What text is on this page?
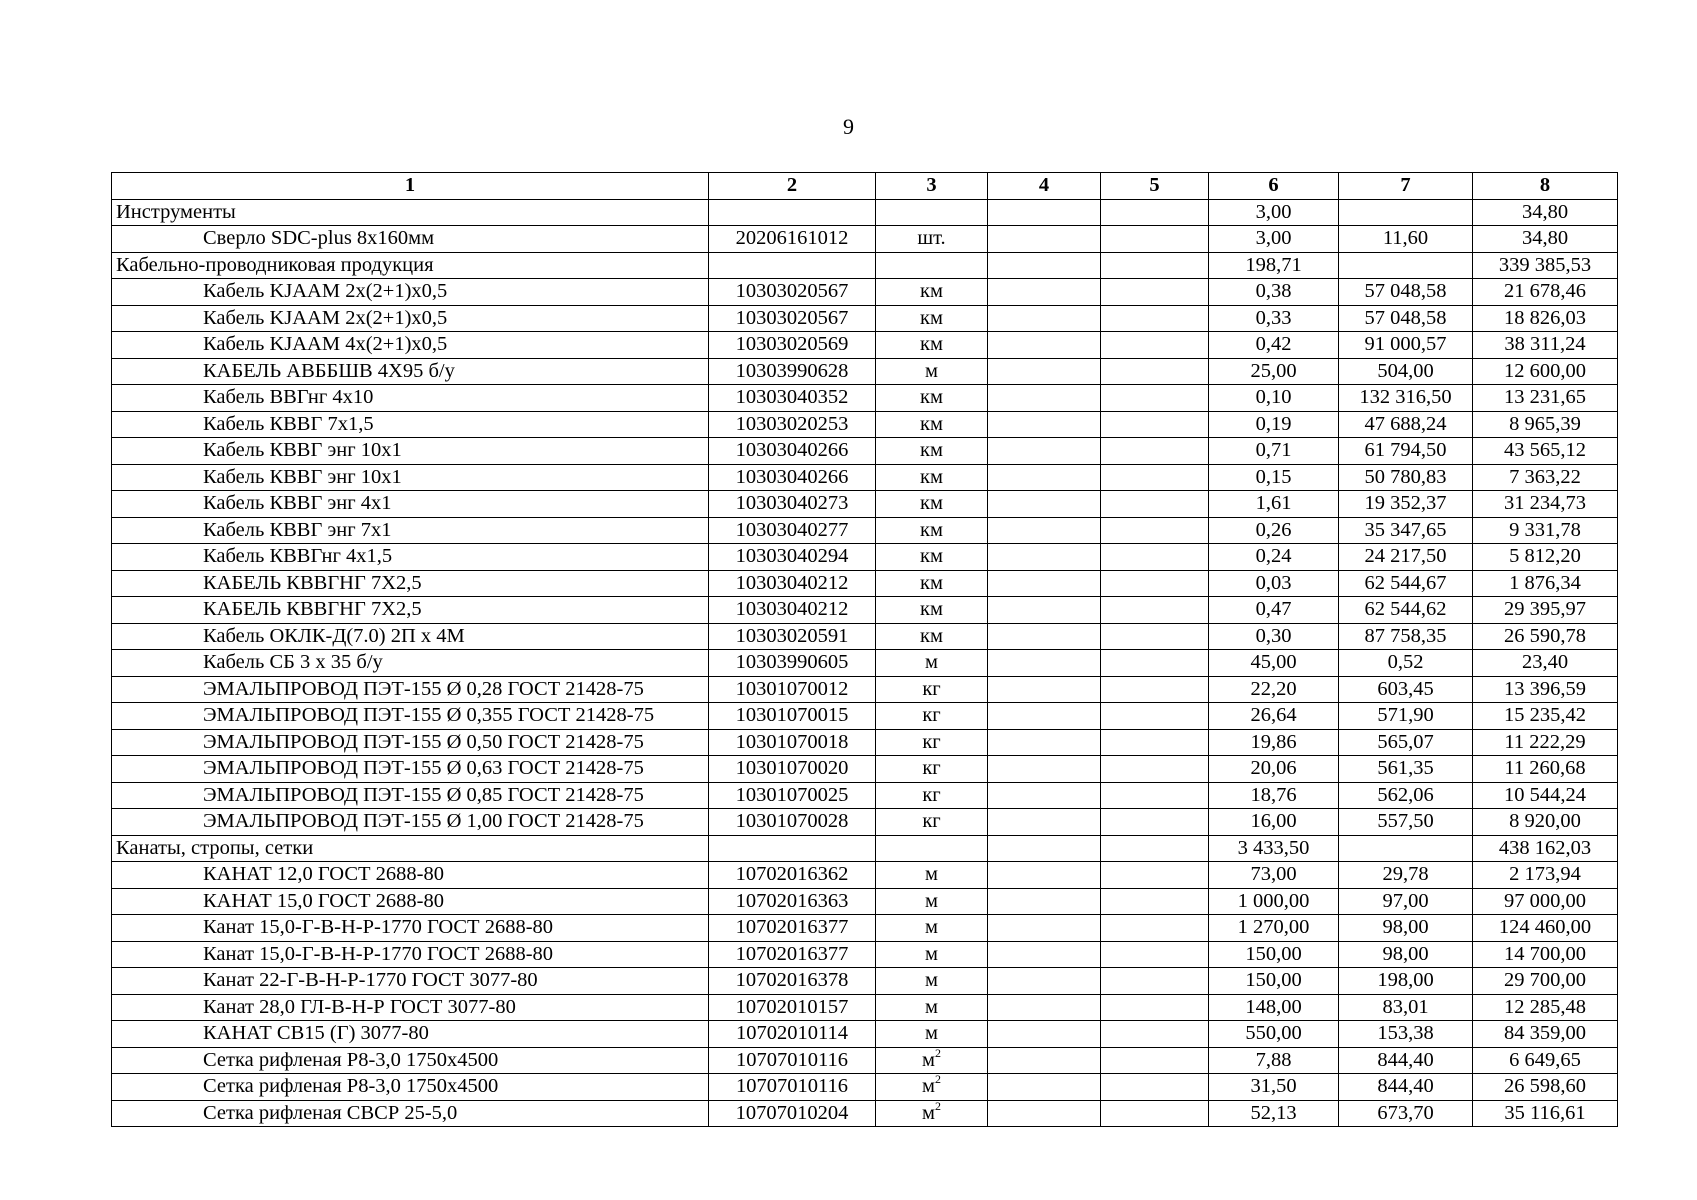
9
1	2	3	4	5	6	7	8
Инструменты					3,00		34,80
Сверло SDC-plus 8x160мм	20206161012	шт.			3,00	11,60	34,80
Кабельно-проводниковая продукция					198,71		339 385,53
Кабель KJAAM 2x(2+1)x0,5	10303020567	км			0,38	57 048,58	21 678,46
Кабель KJAAM 2x(2+1)x0,5	10303020567	км			0,33	57 048,58	18 826,03
Кабель KJAAM 4x(2+1)x0,5	10303020569	км			0,42	91 000,57	38 311,24
КАБЕЛЬ АВББШВ 4Х95 б/у	10303990628	м			25,00	504,00	12 600,00
Кабель ВВГнг 4x10	10303040352	км			0,10	132 316,50	13 231,65
Кабель КВВГ 7x1,5	10303020253	км			0,19	47 688,24	8 965,39
Кабель КВВГ энг 10x1	10303040266	км			0,71	61 794,50	43 565,12
Кабель КВВГ энг 10x1	10303040266	км			0,15	50 780,83	7 363,22
Кабель КВВГ энг 4x1	10303040273	км			1,61	19 352,37	31 234,73
Кабель КВВГ энг 7x1	10303040277	км			0,26	35 347,65	9 331,78
Кабель КВВГнг 4x1,5	10303040294	км			0,24	24 217,50	5 812,20
КАБЕЛЬ КВВГНГ 7Х2,5	10303040212	км			0,03	62 544,67	1 876,34
КАБЕЛЬ КВВГНГ 7Х2,5	10303040212	км			0,47	62 544,62	29 395,97
Кабель ОКЛК-Д(7.0) 2П х 4М	10303020591	км			0,30	87 758,35	26 590,78
Кабель СБ 3 х 35 б/у	10303990605	м			45,00	0,52	23,40
ЭМАЛЬПРОВОД ПЭТ-155 Ø 0,28 ГОСТ 21428-75	10301070012	кг			22,20	603,45	13 396,59
ЭМАЛЬПРОВОД ПЭТ-155 Ø 0,355 ГОСТ 21428-75	10301070015	кг			26,64	571,90	15 235,42
ЭМАЛЬПРОВОД ПЭТ-155 Ø 0,50 ГОСТ 21428-75	10301070018	кг			19,86	565,07	11 222,29
ЭМАЛЬПРОВОД ПЭТ-155 Ø 0,63 ГОСТ 21428-75	10301070020	кг			20,06	561,35	11 260,68
ЭМАЛЬПРОВОД ПЭТ-155 Ø 0,85 ГОСТ 21428-75	10301070025	кг			18,76	562,06	10 544,24
ЭМАЛЬПРОВОД ПЭТ-155 Ø 1,00 ГОСТ 21428-75	10301070028	кг			16,00	557,50	8 920,00
Канаты, стропы, сетки					3 433,50		438 162,03
КАНАТ 12,0 ГОСТ 2688-80	10702016362	м			73,00	29,78	2 173,94
КАНАТ 15,0 ГОСТ 2688-80	10702016363	м			1 000,00	97,00	97 000,00
Канат 15,0-Г-В-Н-Р-1770 ГОСТ 2688-80	10702016377	м			1 270,00	98,00	124 460,00
Канат 15,0-Г-В-Н-Р-1770 ГОСТ 2688-80	10702016377	м			150,00	98,00	14 700,00
Канат 22-Г-В-Н-Р-1770 ГОСТ 3077-80	10702016378	м			150,00	198,00	29 700,00
Канат 28,0 ГЛ-В-Н-Р ГОСТ 3077-80	10702010157	м			148,00	83,01	12 285,48
КАНАТ СВ15 (Г) 3077-80	10702010114	м			550,00	153,38	84 359,00
Сетка рифленая Р8-3,0 1750x4500	10707010116	$м^2$			7,88	844,40	6 649,65
Сетка рифленая Р8-3,0 1750x4500	10707010116	$м^2$			31,50	844,40	26 598,60
Сетка рифленая СВСР 25-5,0	10707010204	$м^2$			52,13	673,70	35 116,61
